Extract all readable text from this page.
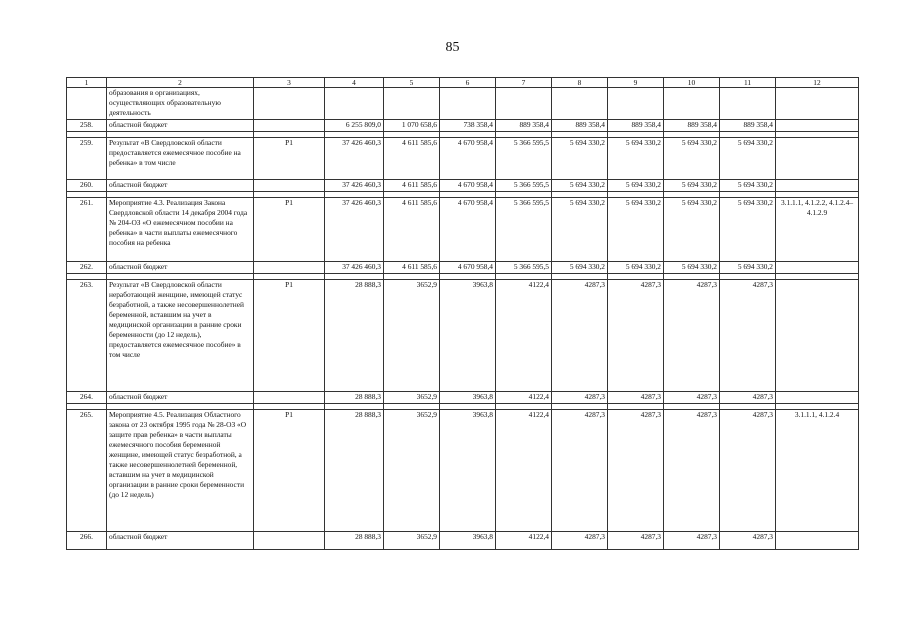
85
1	2	3	4	5	6	7	8	9	10	11	12
	образования в организациях, осуществляющих образовательную деятельность										
258.	областной бюджет		6 255 809,0	1 070 658,6	738 358,4	889 358,4	889 358,4	889 358,4	889 358,4	889 358,4	

259.	Результат «В Свердловской области предоставляется ежемесячное пособие на ребенка» в том числе	Р1	37 426 460,3	4 611 585,6	4 670 958,4	5 366 595,5	5 694 330,2	5 694 330,2	5 694 330,2	5 694 330,2	
260.	областной бюджет		37 426 460,3	4 611 585,6	4 670 958,4	5 366 595,5	5 694 330,2	5 694 330,2	5 694 330,2	5 694 330,2	

261.	Мероприятие 4.3. Реализация Закона Свердловской области 14 декабря 2004 года № 204-ОЗ «О ежемесячном пособии на ребенка» в части выплаты ежемесячного пособия на ребенка	Р1	37 426 460,3	4 611 585,6	4 670 958,4	5 366 595,5	5 694 330,2	5 694 330,2	5 694 330,2	5 694 330,2	3.1.1.1, 4.1.2.2, 4.1.2.4–4.1.2.9
262.	областной бюджет		37 426 460,3	4 611 585,6	4 670 958,4	5 366 595,5	5 694 330,2	5 694 330,2	5 694 330,2	5 694 330,2	

263.	Результат «В Свердловской области неработающей женщине, имеющей статус безработной, а также несовершеннолетней беременной, вставшим на учет в медицинской организации в ранние сроки беременности (до 12 недель), предоставляется ежемесячное пособие» в том числе	Р1	28 888,3	3652,9	3963,8	4122,4	4287,3	4287,3	4287,3	4287,3	
264.	областной бюджет		28 888,3	3652,9	3963,8	4122,4	4287,3	4287,3	4287,3	4287,3	

265.	Мероприятие 4.5. Реализация Областного закона от 23 октября 1995 года № 28-ОЗ «О защите прав ребенка» в части выплаты ежемесячного пособия беременной женщине, имеющей статус безработной, а также несовершеннолетней беременной, вставшим на учет в медицинской организации в ранние сроки беременности (до 12 недель)	Р1	28 888,3	3652,9	3963,8	4122,4	4287,3	4287,3	4287,3	4287,3	3.1.1.1, 4.1.2.4
266.	областной бюджет		28 888,3	3652,9	3963,8	4122,4	4287,3	4287,3	4287,3	4287,3	
